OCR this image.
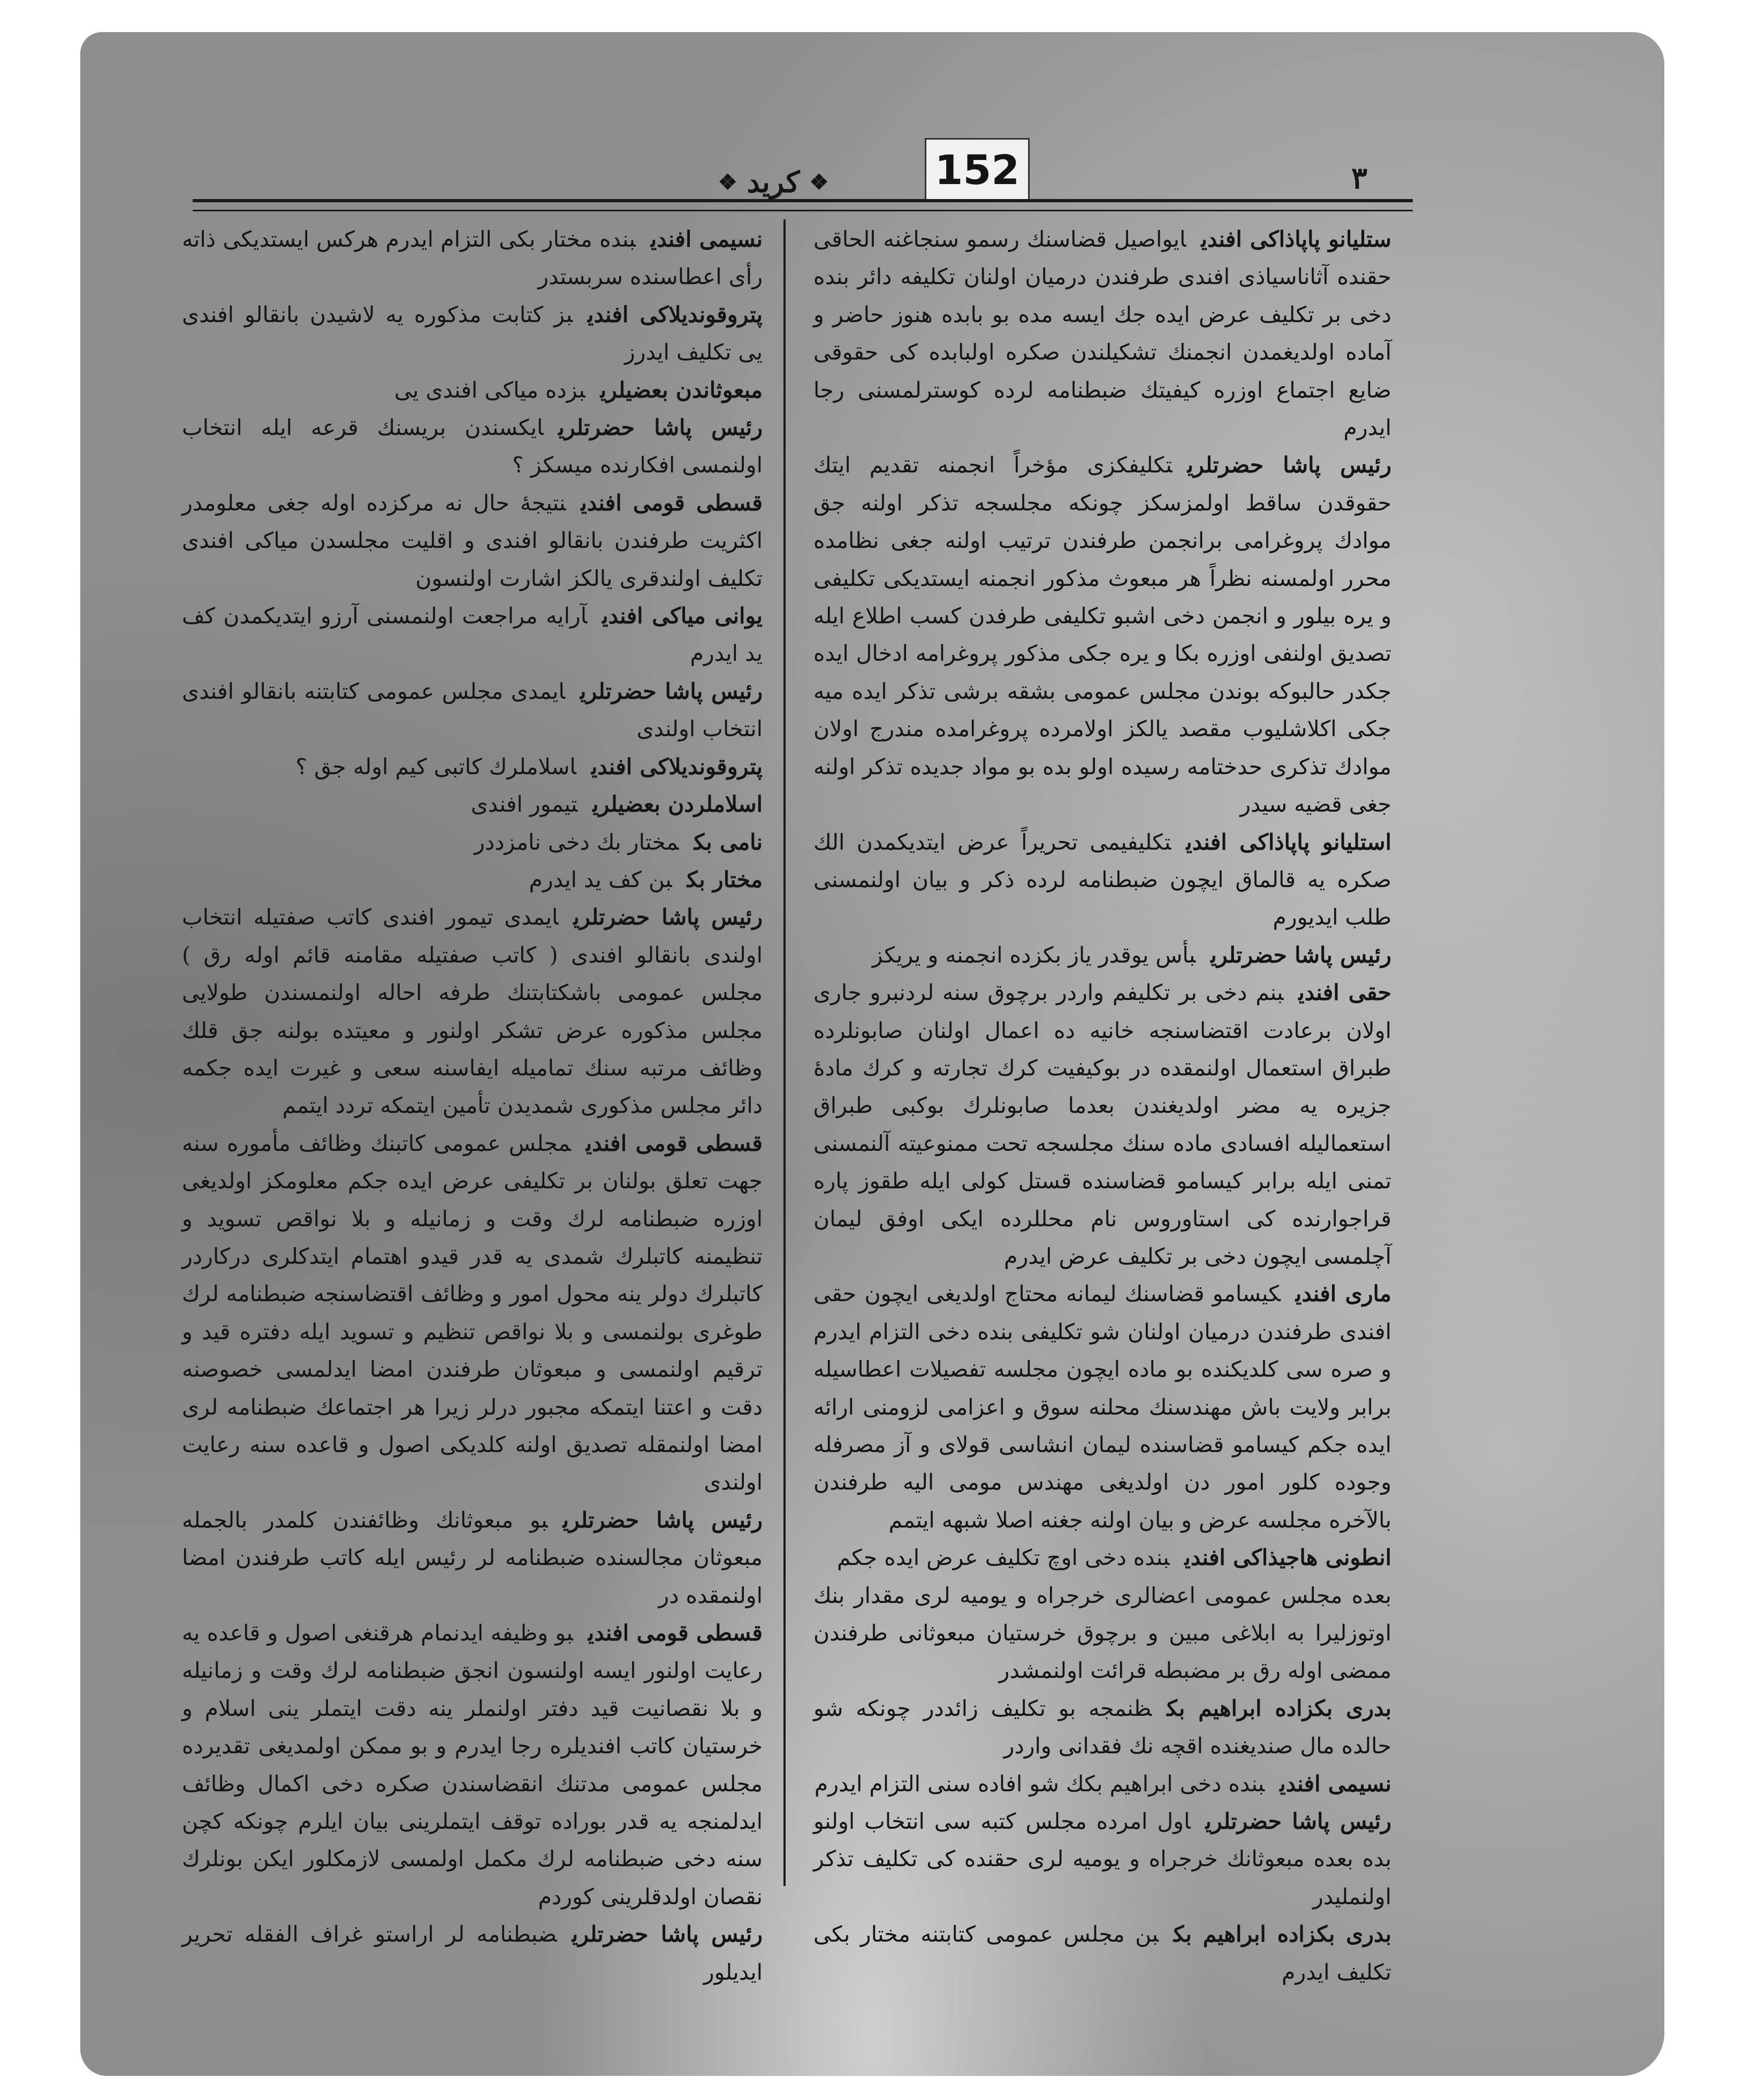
152
❖
کرید
❖	٣

ستلیانو پاپاذاکی افندیایواصیل قضاسنك رسمو سنجاغنه الحاقی حقنده آثاناسیاذی افندی طرفندن درمیان اولنان تکلیفه دائر بنده دخی بر تکلیف عرض ایده جك ایسه مده بو بابده هنوز حاضر و آماده اولدیغمدن انجمنك تشکیلندن صکره اولبابده کی حقوقی ضایع اجتماع اوزره کیفیتك ضبطنامه لرده کوسترلمسنی رجا ایدرم

رئیس پاشا حضرتلریتکلیفکزی مؤخراً انجمنه تقدیم ایتك حقوقدن ساقط اولمزسکز چونکه مجلسجه تذکر اولنه جق موادك پروغرامی برانجمن طرفندن ترتیب اولنه جغی نظامده محرر اولمسنه نظراً هر مبعوث مذکور انجمنه ایستدیکی تکلیفی و یره بیلور و انجمن دخی اشبو تکلیفی طرفدن کسب اطلاع ایله تصدیق اولنفی اوزره بکا و یره جکی مذکور پروغرامه ادخال ایده جکدر حالبوکه بوندن مجلس عمومی بشقه برشی تذکر ایده میه جکی اکلاشلیوب مقصد یالکز اولامرده پروغرامده مندرج اولان موادك تذکری حدختامه رسیده اولو بده بو مواد جدیده تذکر اولنه جغی قضیه سیدر

استلیانو پاپاذاکی افندیتکلیفیمی تحریراً عرض ایتدیکمدن الك صکره یه قالماق ایچون ضبطنامه لرده ذکر و بیان اولنمسنی طلب ایدیورم

رئیس پاشا حضرتلریبأس یوقدر یاز بکزده انجمنه و یریکز

حقی افندیبنم دخی بر تکلیفم واردر برچوق سنه لردنبرو جاری اولان برعادت اقتضاسنجه خانیه ده اعمال اولنان صابونلرده طبراق استعمال اولنمقده در بوکیفیت کرك تجارته و کرك مادهٔ جزیره یه مضر اولدیغندن بعدما صابونلرك بوکبی طبراق استعمالیله افسادی ماده سنك مجلسجه تحت ممنوعیته آلنمسنی تمنی ایله برابر کیسامو قضاسنده قستل کولی ایله طقوز پاره قراجوارنده کی استاوروس نام محللرده ایکی اوفق لیمان آچلمسی ایچون دخی بر تکلیف عرض ایدرم

ماری افندیکیسامو قضاسنك لیمانه محتاج اولدیغی ایچون حقی افندی طرفندن درمیان اولنان شو تکلیفی بنده دخی التزام ایدرم و صره سی کلدیکنده بو ماده ایچون مجلسه تفصیلات اعطاسیله برابر ولایت باش مهندسنك محلنه سوق و اعزامی لزومنی ارائه ایده جکم کیسامو قضاسنده لیمان انشاسی قولای و آز مصرفله وجوده کلور امور دن اولدیغی مهندس مومی الیه طرفندن بالآخره مجلسه عرض و بیان اولنه جغنه اصلا شبهه ایتمم

انطونی هاجیذاکی افندیبنده دخی اوچ تکلیف عرض ایده جکم

بعده مجلس عمومی اعضالری خرجراه و یومیه لری مقدار بنك اوتوزلیرا به ابلاغی مبین و برچوق خرستیان مبعوثانی طرفندن ممضی اوله رق بر مضبطه قرائت اولنمشدر

بدری بکزاده ابراهیم بكظنمجه بو تکلیف زائددر چونکه شو حالده مال صندیغنده اقچه نك فقدانی واردر

نسیمی افندیبنده دخی ابراهیم بکك شو افاده سنی التزام ایدرم

رئیس پاشا حضرتلریاول امرده مجلس کتبه سی انتخاب اولنو بده بعده مبعوثانك خرجراه و یومیه لری حقنده کی تکلیف تذکر اولنملیدر

بدری بکزاده ابراهیم بكبن مجلس عمومی کتابتنه مختار بکی تکلیف ایدرم

نسیمی افندیبنده مختار بکی التزام ایدرم هرکس ایستدیکی ذاته رأی اعطاسنده سربستدر

پتروقوندیلاکی افندیبز کتابت مذکوره یه لاشیدن بانقالو افندی یی تکلیف ایدرز

مبعوثاندن بعضیلریبزده میاکی افندی یی

رئیس پاشا حضرتلریایکسندن بریسنك قرعه ایله انتخاب اولنمسی افکارنده میسکز ؟

قسطی قومی افندینتیجهٔ حال نه مرکزده اوله جغی معلومدر اکثریت طرفندن بانقالو افندی و اقلیت مجلسدن میاکی افندی تکلیف اولندقری یالکز اشارت اولنسون

یوانی میاکی افندیآرایه مراجعت اولنمسنی آرزو ایتدیکمدن کف ید ایدرم

رئیس پاشا حضرتلریایمدی مجلس عمومی کتابتنه بانقالو افندی انتخاب اولندی

پتروقوندیلاکی افندیاسلاملرك کاتبی کیم اوله جق ؟

اسلاملردن بعضیلریتیمور افندی

نامی بكمختار بك دخی نامزددر

مختار بكبن کف ید ایدرم

رئیس پاشا حضرتلریایمدی تیمور افندی کاتب صفتیله انتخاب اولندی بانقالو افندی ( کاتب صفتیله مقامنه قائم اوله رق ) مجلس عمومی باشکتابتنك طرفه احاله اولنمسندن طولایی مجلس مذکوره عرض تشکر اولنور و معیتده بولنه جق قلك وظائف مرتبه سنك تماميله ایفاسنه سعی و غیرت ایده جکمه دائر مجلس مذکوری شمدیدن تأمین ایتمکه تردد ایتمم

قسطی قومی افندیمجلس عمومی کاتبنك وظائف مأموره سنه جهت تعلق بولنان بر تکلیفی عرض ایده جکم معلومکز اولدیغی اوزره ضبطنامه لرك وقت و زمانیله و بلا نواقص تسوید و تنظیمنه کاتبلرك شمدی یه قدر قیدو اهتمام ایتدکلری درکاردر کاتبلرك دولر ینه محول امور و وظائف اقتضاسنجه ضبطنامه لرك طوغری بولنمسی و بلا نواقص تنظیم و تسوید ایله دفتره قید و ترقیم اولنمسی و مبعوثان طرفندن امضا ایدلمسی خصوصنه دقت و اعتنا ایتمکه مجبور درلر زیرا هر اجتماعك ضبطنامه لری امضا اولنمقله تصدیق اولنه کلدیکی اصول و قاعده سنه رعایت اولندی

رئیس پاشا حضرتلریبو مبعوثانك وظائفندن کلمدر بالجمله مبعوثان مجالسنده ضبطنامه لر رئیس ایله کاتب طرفندن امضا اولنمقده در

قسطی قومی افندیبو وظیفه ایدنمام هرقنغی اصول و قاعده یه رعایت اولنور ایسه اولنسون انجق ضبطنامه لرك وقت و زمانیله و بلا نقصانیت قید دفتر اولنملر ینه دقت ایتملر ینی اسلام و خرستیان کاتب افندیلره رجا ایدرم و بو ممکن اولمدیغی تقدیرده مجلس عمومی مدتنك انقضاسندن صکره دخی اکمال وظائف ایدلمنجه یه قدر بوراده توقف ایتملرینی بیان ایلرم چونکه کچن سنه دخی ضبطنامه لرك مکمل اولمسی لازمکلور ایکن بونلرك نقصان اولدقلرینی کوردم

رئیس پاشا حضرتلریضبطنامه لر اراستو غراف الفقله تحریر ایدیلور
